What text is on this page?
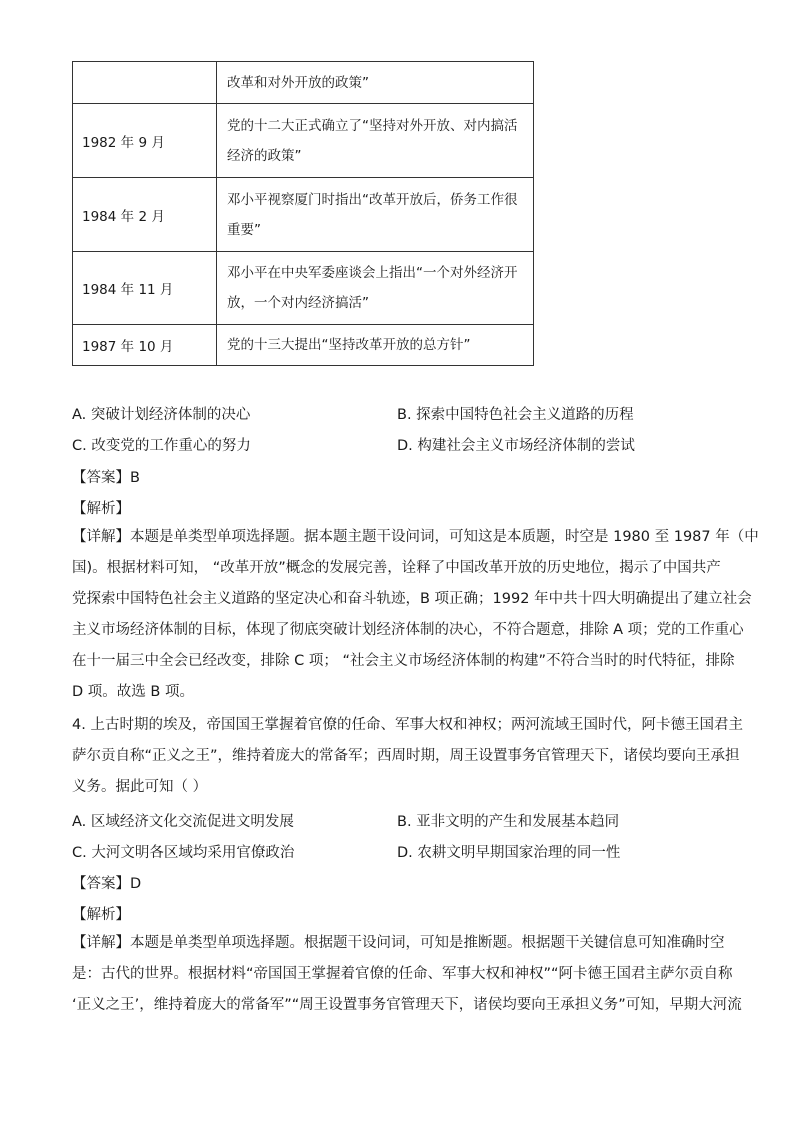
	改革和对外开放的政策”
1982 年 9 月	党的十二大正式确立了“坚持对外开放、对内搞活
经济的政策”
1984 年 2 月	邓小平视察厦门时指出“改革开放后，侨务工作很
重要”
1984 年 11 月	邓小平在中央军委座谈会上指出“一个对外经济开
放，一个对内经济搞活”
1987 年 10 月	党的十三大提出“坚持改革开放的总方针”
A. 突破计划经济体制的决心	B. 探索中国特色社会主义道路的历程
C. 改变党的工作重心的努力	D. 构建社会主义市场经济体制的尝试
【答案】B
【解析】
【详解】本题是单类型单项选择题。据本题主题干设问词，可知这是本质题，时空是 1980 至 1987 年（中
国)。根据材料可知， “改革开放”概念的发展完善，诠释了中国改革开放的历史地位，揭示了中国共产
党探索中国特色社会主义道路的坚定决心和奋斗轨迹，B 项正确；1992 年中共十四大明确提出了建立社会
主义市场经济体制的目标，体现了彻底突破计划经济体制的决心，不符合题意，排除 A 项；党的工作重心
在十一届三中全会已经改变，排除 C 项； “社会主义市场经济体制的构建”不符合当时的时代特征，排除
D 项。故选 B 项。
4. 上古时期的埃及，帝国国王掌握着官僚的任命、军事大权和神权；两河流域王国时代，阿卡德王国君主
萨尔贡自称“正义之王”，维持着庞大的常备军；西周时期，周王设置事务官管理天下，诸侯均要向王承担
义务。据此可知（ ）
A. 区域经济文化交流促进文明发展	B. 亚非文明的产生和发展基本趋同
C. 大河文明各区域均采用官僚政治	D. 农耕文明早期国家治理的同一性
【答案】D
【解析】
【详解】本题是单类型单项选择题。根据题干设问词，可知是推断题。根据题干关键信息可知准确时空
是：古代的世界。根据材料“帝国国王掌握着官僚的任命、军事大权和神权”“阿卡德王国君主萨尔贡自称
‘正义之王’，维持着庞大的常备军”“周王设置事务官管理天下，诸侯均要向王承担义务”可知，早期大河流
